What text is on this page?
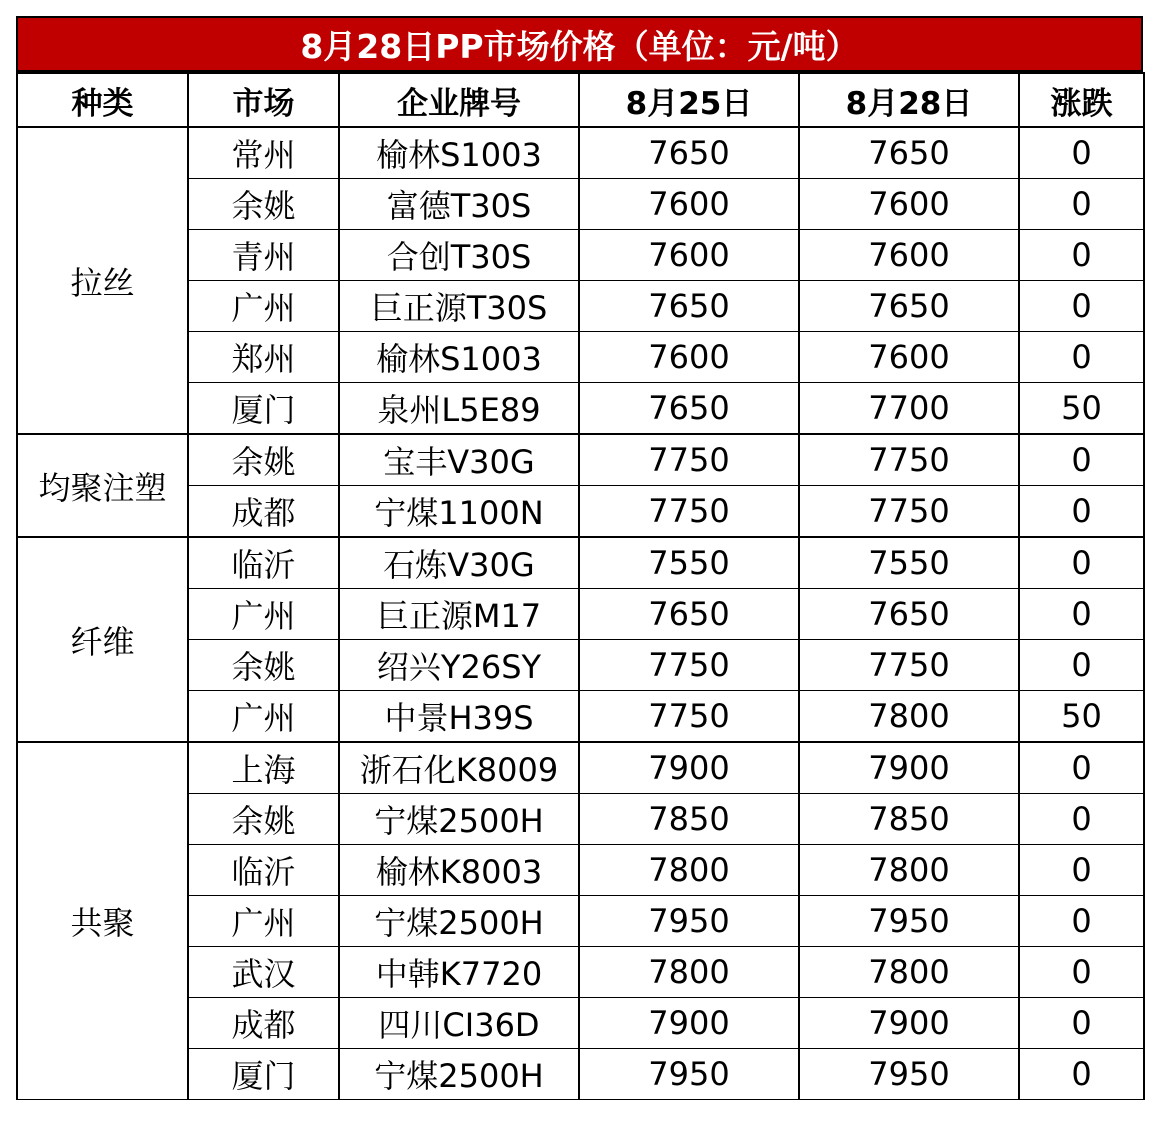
8月28日PP市场价格（单位：元/吨）
种类	市场	企业牌号	8月25日	8月28日	涨跌
拉丝	常州	榆林S1003	7650	7650	0
	余姚	富德T30S	7600	7600	0
	青州	合创T30S	7600	7600	0
	广州	巨正源T30S	7650	7650	0
	郑州	榆林S1003	7600	7600	0
	厦门	泉州L5E89	7650	7700	50
均聚注塑	余姚	宝丰V30G	7750	7750	0
	成都	宁煤1100N	7750	7750	0
纤维	临沂	石炼V30G	7550	7550	0
	广州	巨正源M17	7650	7650	0
	余姚	绍兴Y26SY	7750	7750	0
	广州	中景H39S	7750	7800	50
共聚	上海	浙石化K8009	7900	7900	0
	余姚	宁煤2500H	7850	7850	0
	临沂	榆林K8003	7800	7800	0
	广州	宁煤2500H	7950	7950	0
	武汉	中韩K7720	7800	7800	0
	成都	四川CI36D	7900	7900	0
	厦门	宁煤2500H	7950	7950	0
